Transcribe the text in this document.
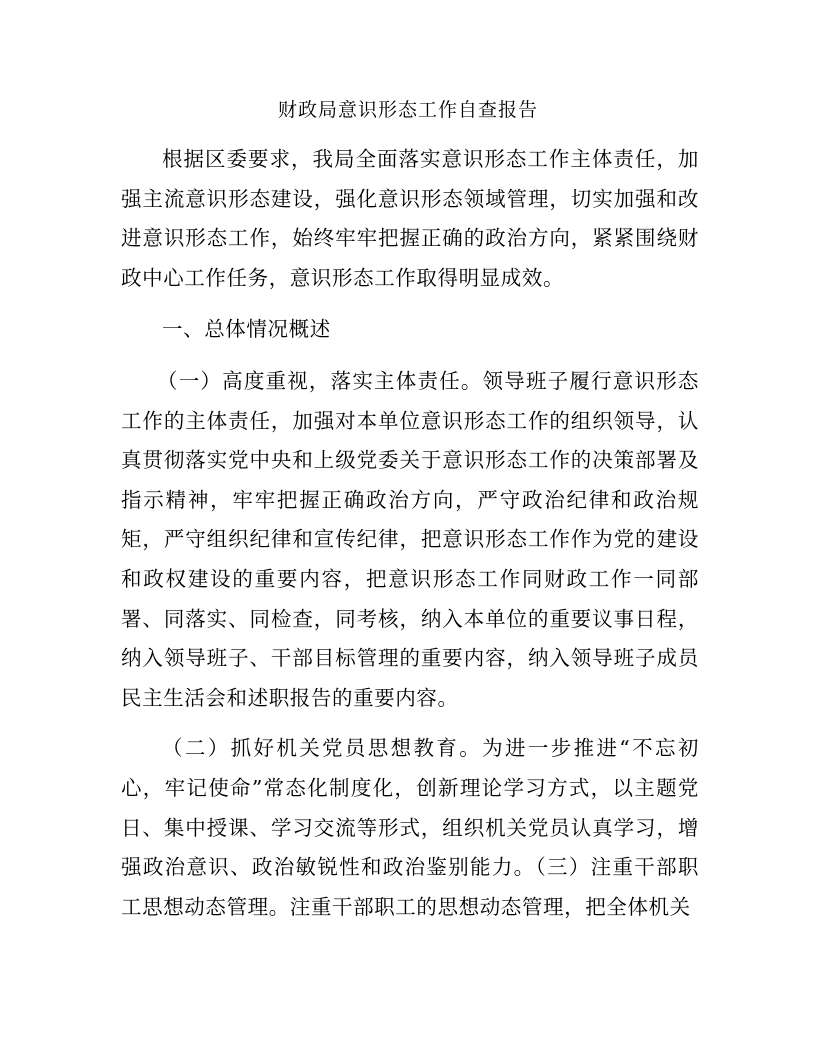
财政局意识形态工作自查报告

根据区委要求，我局全面落实意识形态工作主体责任，加强主流意识形态建设，强化意识形态领域管理，切实加强和改进意识形态工作，始终牢牢把握正确的政治方向，紧紧围绕财政中心工作任务，意识形态工作取得明显成效。

一、总体情况概述

（一）高度重视，落实主体责任。领导班子履行意识形态工作的主体责任，加强对本单位意识形态工作的组织领导，认真贯彻落实党中央和上级党委关于意识形态工作的决策部署及指示精神，牢牢把握正确政治方向，严守政治纪律和政治规矩，严守组织纪律和宣传纪律，把意识形态工作作为党的建设和政权建设的重要内容，把意识形态工作同财政工作一同部署、同落实、同检查，同考核，纳入本单位的重要议事日程，纳入领导班子、干部目标管理的重要内容，纳入领导班子成员民主生活会和述职报告的重要内容。

（二）抓好机关党员思想教育。为进一步推进“不忘初心，牢记使命”常态化制度化，创新理论学习方式，以主题党日、集中授课、学习交流等形式，组织机关党员认真学习，增强政治意识、政治敏锐性和政治鉴别能力。（三）注重干部职工思想动态管理。注重干部职工的思想动态管理，把全体机关
